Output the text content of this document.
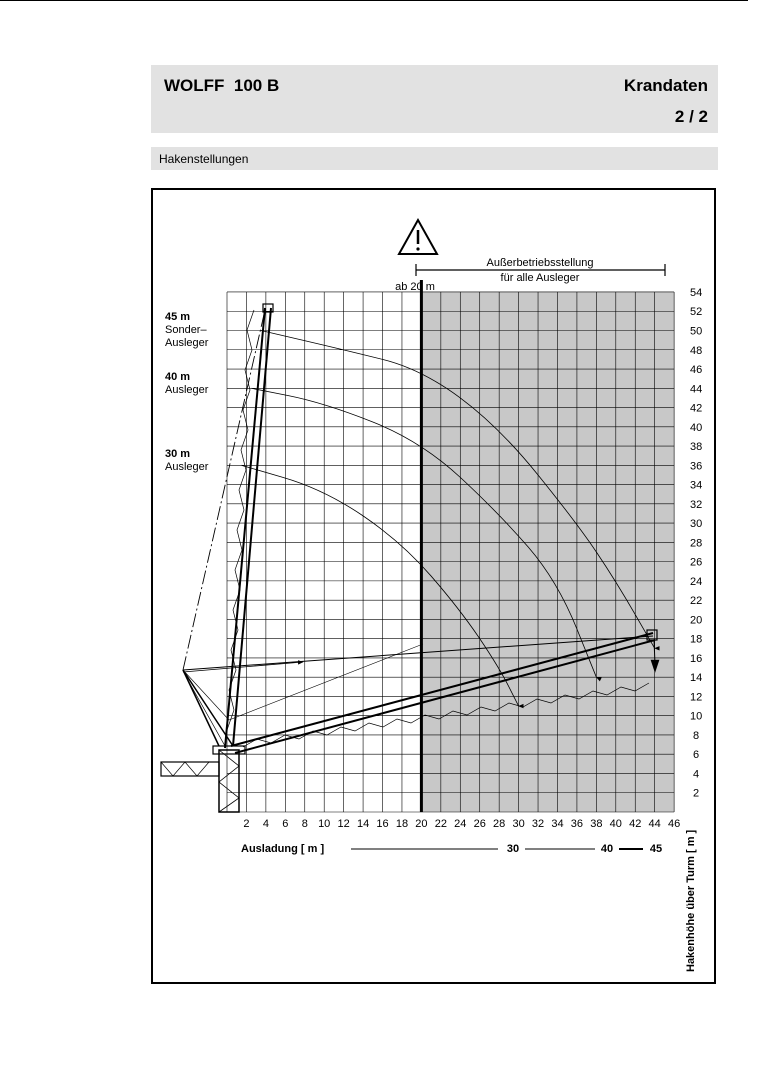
WOLFF  100 B	Krandaten
2 / 2
Hakenstellungen
2
4
6
8
10
12
14
16
18
20
22
24
26
28
30
32
34
36
38
40
42
44
46
48
50
52
54
2 4 6 8 10 12 14 16 18 20 22 24 26 28 30 32 34 36 38 40 42 44 46
Außerbetriebsstellung
für alle Ausleger
ab 20 m
45 m
Sonder–
Ausleger
40 m
Ausleger
30 m
Ausleger
Ausladung [ m ]	30	40	45 Hakenhöhe über Turm [ m ]
